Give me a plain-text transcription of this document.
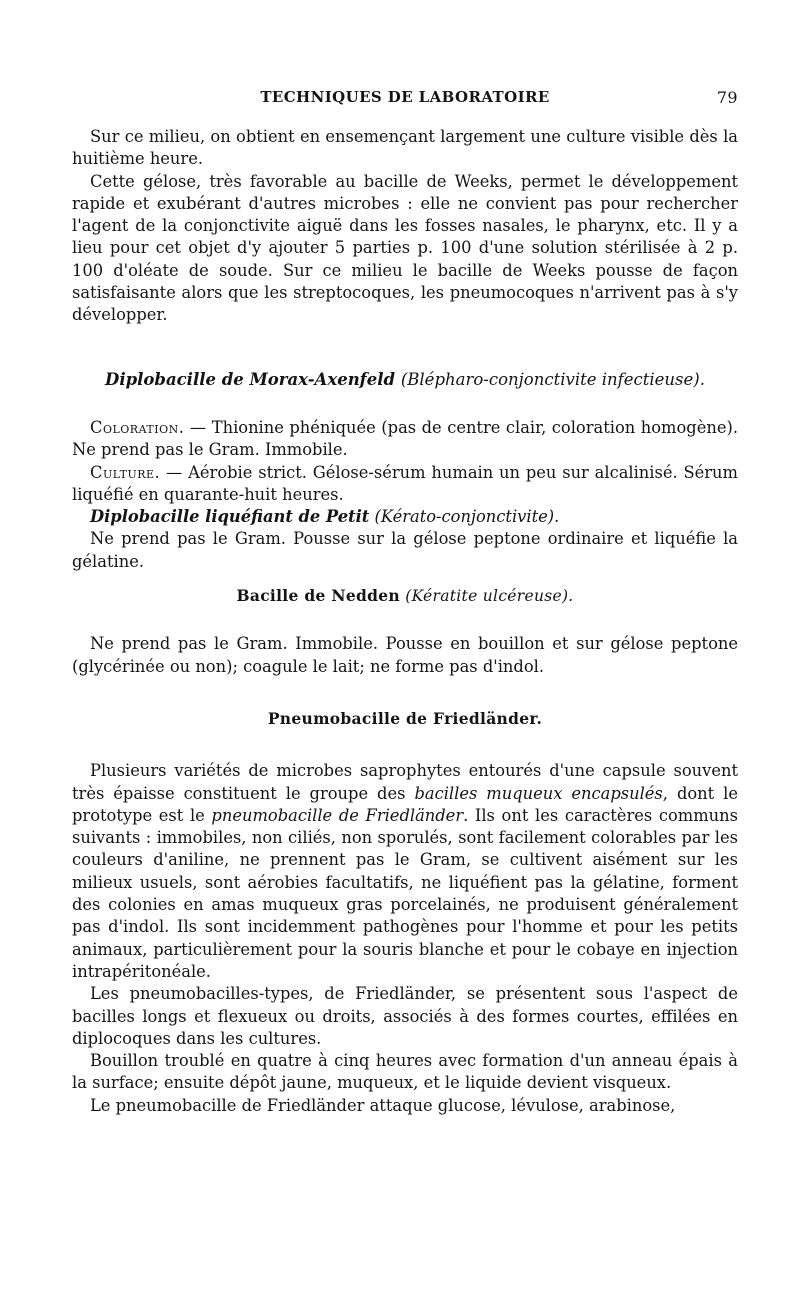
TECHNIQUES DE LABORATOIRE	79

Sur ce milieu, on obtient en ensemençant largement une culture visible dès la huitième heure.

Cette gélose, très favorable au bacille de Weeks, permet le développement rapide et exubérant d'autres microbes : elle ne convient pas pour rechercher l'agent de la conjonctivite aiguë dans les fosses nasales, le pharynx, etc. Il y a lieu pour cet objet d'y ajouter 5 parties p. 100 d'une solution stérilisée à 2 p. 100 d'oléate de soude. Sur ce milieu le bacille de Weeks pousse de façon satisfaisante alors que les streptocoques, les pneumocoques n'arrivent pas à s'y développer.

Diplobacille de Morax-Axenfeld (Blépharo-conjonctivite infectieuse).

Coloration. — Thionine phéniquée (pas de centre clair, coloration homogène). Ne prend pas le Gram. Immobile.

Culture. — Aérobie strict. Gélose-sérum humain un peu sur alcalinisé. Sérum liquéfié en quarante-huit heures.

Diplobacille liquéfiant de Petit (Kérato-conjonctivite).

Ne prend pas le Gram. Pousse sur la gélose peptone ordinaire et liquéfie la gélatine.

Bacille de Nedden (Kératite ulcéreuse).

Ne prend pas le Gram. Immobile. Pousse en bouillon et sur gélose peptone (glycérinée ou non); coagule le lait; ne forme pas d'indol.

Pneumobacille de Friedländer.

Plusieurs variétés de microbes saprophytes entourés d'une capsule souvent très épaisse constituent le groupe des bacilles muqueux encapsulés, dont le prototype est le pneumobacille de Friedländer. Ils ont les caractères communs suivants : immobiles, non ciliés, non sporulés, sont facilement colorables par les couleurs d'aniline, ne prennent pas le Gram, se cultivent aisément sur les milieux usuels, sont aérobies facultatifs, ne liquéfient pas la gélatine, forment des colonies en amas muqueux gras porcelainés, ne produisent généralement pas d'indol. Ils sont incidemment pathogènes pour l'homme et pour les petits animaux, particulièrement pour la souris blanche et pour le cobaye en injection intrapéritonéale.

Les pneumobacilles-types, de Friedländer, se présentent sous l'aspect de bacilles longs et flexueux ou droits, associés à des formes courtes, effilées en diplocoques dans les cultures.

Bouillon troublé en quatre à cinq heures avec formation d'un anneau épais à la surface; ensuite dépôt jaune, muqueux, et le liquide devient visqueux.

Le pneumobacille de Friedländer attaque glucose, lévulose, arabinose,
